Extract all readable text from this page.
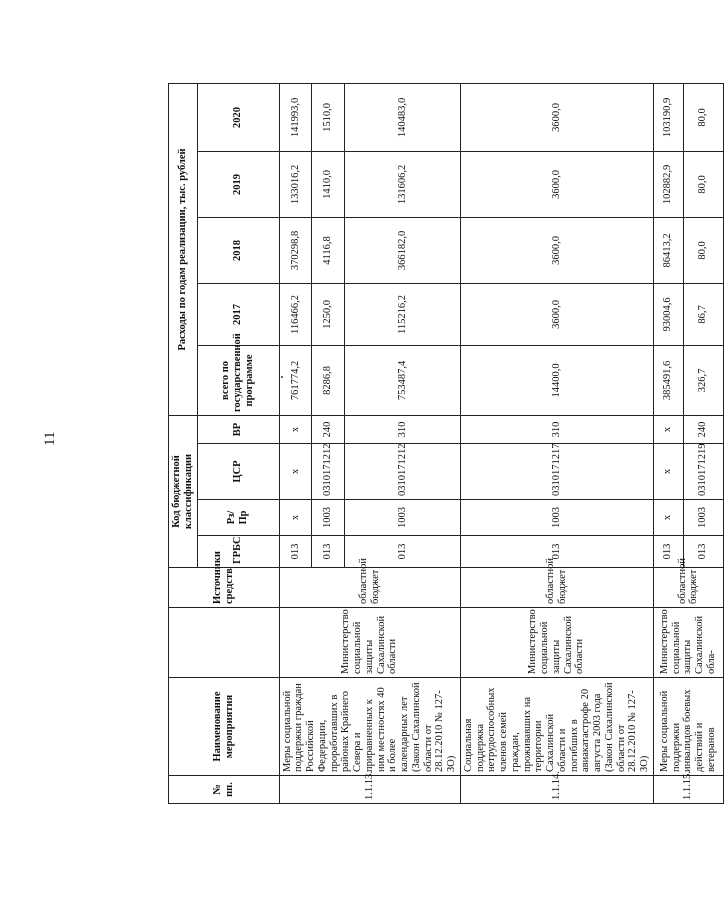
11
№ пп.	Наименование мероприятия		Источники средств	Код бюджетной классификации				Расходы по годам реализации, тыс. рублей				
				ГРБС	Рз/ Пр	ЦСР	ВР	всего по государственной программе	2017	2018	2019	2020
1.1.13.	Меры социальной поддержки граждан Российской Федерации, проработавших в районах Крайнего Севера и приравненных к ним местностях 40 и более календарных лет (Закон Сахалинской области от 28.12.2010 № 127-ЗО)	Министерство социальной защиты Сахалинской области	областной бюджет	013	x	x	x	761774,2	116466,2	370298,8	133016,2	141993,0
				013	1003	0310171212	240	8286,8	1250,0	4116,8	1410,0	1510,0
				013	1003	0310171212	310	753487,4	115216,2	366182,0	131606,2	140483,0
1.1.14.	Социальная поддержка нетрудоспособных членов семей граждан, проживавших на территории Сахалинской области и погибших в авиакатастрофе 20 августа 2003 года (Закон Сахалинской области от 28.12.2010 № 127-ЗО)	Министерство социальной защиты Сахалинской области	областной бюджет	013	1003	0310171217	310	14400,0	3600,0	3600,0	3600,0	3600,0
1.1.15.	Меры социальной поддержки инвалидов боевых действий и ветеранов	Министерство социальной защиты Сахалинской обла-	областной бюджет	013	x	x	x	385491,6	93004,6	86413,2	102882,9	103190,9
				013	1003	0310171219	240	326,7	86,7	80,0	80,0	80,0
